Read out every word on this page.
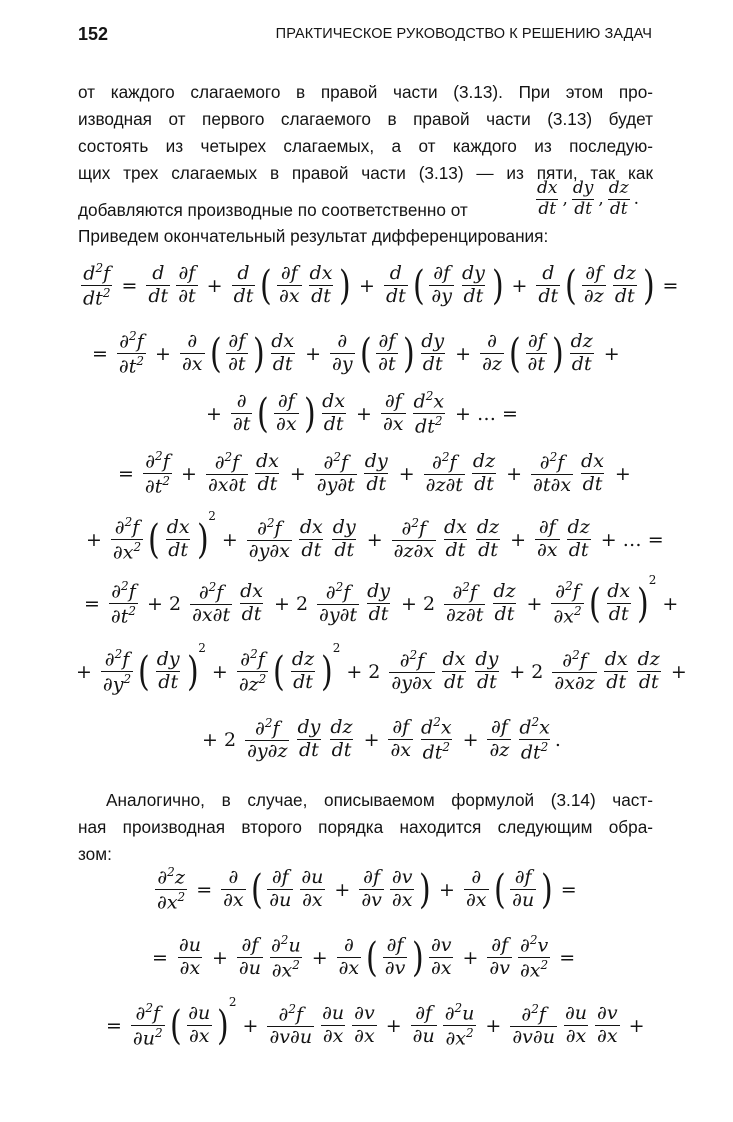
152	ПРАКТИЧЕСКОЕ РУКОВОДСТВО К РЕШЕНИЮ ЗАДАЧ
от каждого слагаемого в правой части (3.13). При этом про-
изводная от первого слагаемого в правой части (3.13) будет
состоять из четырех слагаемых, а от каждого из последую-
щих трех слагаемых в правой части (3.13) — из пяти, так как
добавляются производные по соответственно от
Приведем окончательный результат дифференцирования:
$\frac{dx}{dt}$ , $\frac{dy}{dt}$ , $\frac{dz}{dt}$ .
$\frac{d^2f}{dt^2} = \frac{d}{dt} \frac{\partial f}{\partial t} + \frac{d}{dt}$ ( $\frac{\partial f}{\partial x} \frac{dx}{dt}$ ) + $\frac{d}{dt}$ ( $\frac{\partial f}{\partial y} \frac{dy}{dt}$ ) + $\frac{d}{dt}$ ( $\frac{\partial f}{\partial z} \frac{dz}{dt}$ ) =
= $\frac{\partial^2f}{\partial t^2} + \frac{\partial}{\partial x}$ ( $\frac{\partial f}{\partial t}$ ) $\frac{dx}{dt} + \frac{\partial}{\partial y}$ ( $\frac{\partial f}{\partial t}$ ) $\frac{dy}{dt} + \frac{\partial}{\partial z}$ ( $\frac{\partial f}{\partial t}$ ) $\frac{dz}{dt}$ +
+ $\frac{\partial}{\partial t}$ ( $\frac{\partial f}{\partial x}$ ) $\frac{dx}{dt} + \frac{\partial f}{\partial x} \frac{d^2x}{dt^2}$ + … =
= $\frac{\partial^2f}{\partial t^2} + \frac{\partial^2f}{\partial x\partial t} \frac{dx}{dt} + \frac{\partial^2f}{\partial y\partial t} \frac{dy}{dt} + \frac{\partial^2f}{\partial z\partial t} \frac{dz}{dt} + \frac{\partial^2f}{\partial t\partial x} \frac{dx}{dt}$ +
+ $\frac{\partial^2f}{\partial x^2}$ ( $\frac{dx}{dt}$ )
2
+ $\frac{\partial^2f}{\partial y\partial x} \frac{dx}{dt} \frac{dy}{dt} + \frac{\partial^2f}{\partial z\partial x} \frac{dx}{dt} \frac{dz}{dt} + \frac{\partial f}{\partial x} \frac{dz}{dt}$ + … =
= $\frac{\partial^2f}{\partial t^2} + 2 \frac{\partial^2f}{\partial x\partial t} \frac{dx}{dt} + 2 \frac{\partial^2f}{\partial y\partial t} \frac{dy}{dt} + 2 \frac{\partial^2f}{\partial z\partial t} \frac{dz}{dt} + \frac{\partial^2f}{\partial x^2}$ ( $\frac{dx}{dt}$ )
2
+
+ $\frac{\partial^2f}{\partial y^2}$ ( $\frac{dy}{dt}$ )
2
+ $\frac{\partial^2f}{\partial z^2}$ ( $\frac{dz}{dt}$ )
2
+ $2 \frac{\partial^2f}{\partial y\partial x} \frac{dx}{dt} \frac{dy}{dt} + 2 \frac{\partial^2f}{\partial x\partial z} \frac{dx}{dt} \frac{dz}{dt}$ +
+ $2 \frac{\partial^2f}{\partial y\partial z} \frac{dy}{dt} \frac{dz}{dt} + \frac{\partial f}{\partial x} \frac{d^2x}{dt^2} + \frac{\partial f}{\partial z} \frac{d^2x}{dt^2}$ .
Аналогично, в случае, описываемом формулой (3.14) част-
ная производная второго порядка находится следующим обра-
зом:
$\frac{\partial^2z}{\partial x^2} = \frac{\partial}{\partial x}$ ( $\frac{\partial f}{\partial u} \frac{\partial u}{\partial x} + \frac{\partial f}{\partial v} \frac{\partial v}{\partial x}$ ) + $\frac{\partial}{\partial x}$ ( $\frac{\partial f}{\partial u}$ ) =
= $\frac{\partial u}{\partial x} + \frac{\partial f}{\partial u} \frac{\partial^2u}{\partial x^2} + \frac{\partial}{\partial x}$ ( $\frac{\partial f}{\partial v}$ ) $\frac{\partial v}{\partial x} + \frac{\partial f}{\partial v} \frac{\partial^2v}{\partial x^2}$ =
= $\frac{\partial^2f}{\partial u^2}$ ( $\frac{\partial u}{\partial x}$ )
2
+ $\frac{\partial^2f}{\partial v\partial u} \frac{\partial u}{\partial x} \frac{\partial v}{\partial x} + \frac{\partial f}{\partial u} \frac{\partial^2u}{\partial x^2} + \frac{\partial^2f}{\partial v\partial u} \frac{\partial u}{\partial x} \frac{\partial v}{\partial x}$ +
